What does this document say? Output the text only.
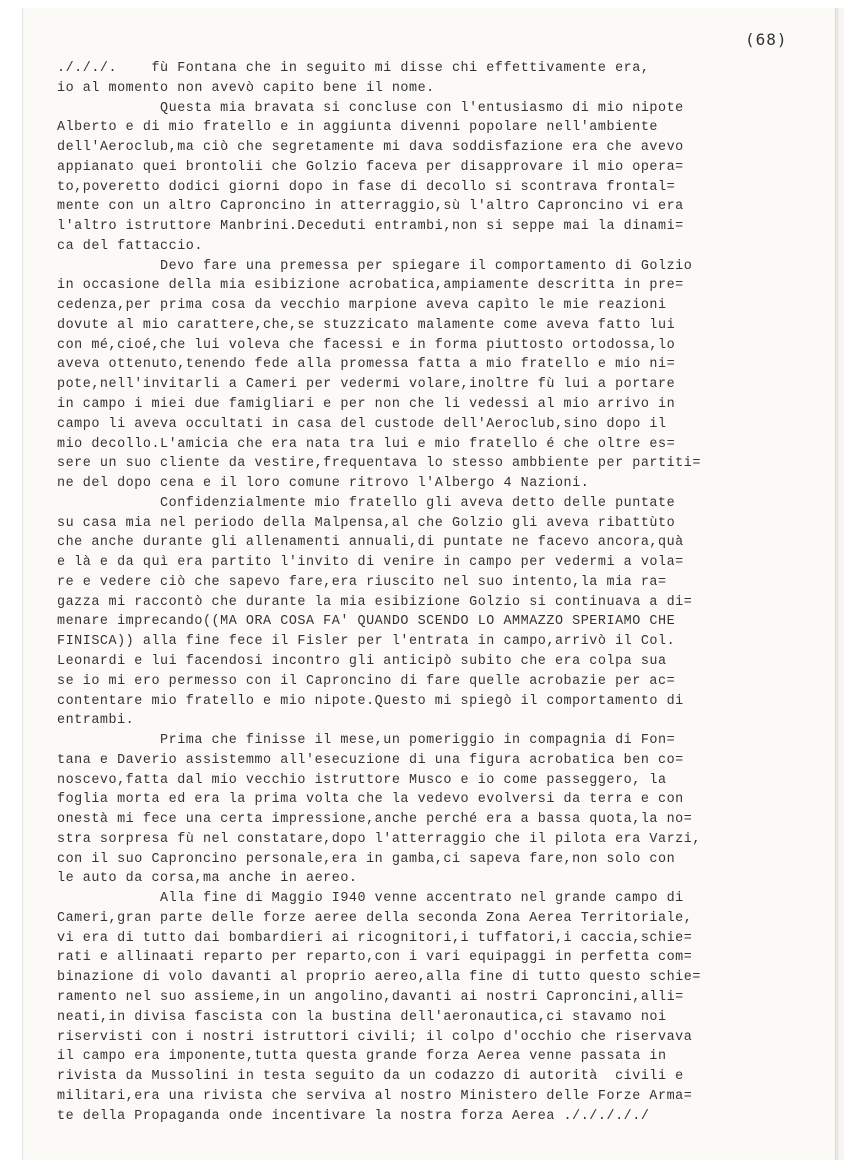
(68)
./././.    fù Fontana che in seguito mi disse chi effettivamente era,
io al momento non avevò capito bene il nome.
Questa mia bravata si concluse con l'entusiasmo di mio nipote
Alberto e di mio fratello e in aggiunta divenni popolare nell'ambiente
dell'Aeroclub,ma ciò che segretamente mi dava soddisfazione era che avevo
appianato quei brontolii che Golzio faceva per disapprovare il mio opera=
to,poveretto dodici giorni dopo in fase di decollo si scontrava frontal=
mente con un altro Caproncino in atterraggio,sù l'altro Caproncino vi era
l'altro istruttore Manbrini.Deceduti entrambi,non si seppe mai la dinami=
ca del fattaccio.
Devo fare una premessa per spiegare il comportamento di Golzio
in occasione della mia esibizione acrobatica,ampiamente descritta in pre=
cedenza,per prima cosa da vecchio marpione aveva capìto le mie reazioni
dovute al mio carattere,che,se stuzzicato malamente come aveva fatto lui
con mé,cioé,che lui voleva che facessi e in forma piuttosto ortodossa,lo
aveva ottenuto,tenendo fede alla promessa fatta a mio fratello e mio ni=
pote,nell'invitarli a Cameri per vedermi volare,inoltre fù lui a portare
in campo i miei due famigliari e per non che li vedessi al mio arrivo in
campo li aveva occultati in casa del custode dell'Aeroclub,sino dopo il
mio decollo.L'amicia che era nata tra lui e mio fratello é che oltre es=
sere un suo cliente da vestire,frequentava lo stesso ambbiente per partiti=
ne del dopo cena e il loro comune ritrovo l'Albergo 4 Nazioni.
Confidenzialmente mio fratello gli aveva detto delle puntate
su casa mia nel periodo della Malpensa,al che Golzio gli aveva ribattùto
che anche durante gli allenamenti annuali,di puntate ne facevo ancora,quà
e là e da quì era partito l'invito di venire in campo per vedermi a vola=
re e vedere ciò che sapevo fare,era riuscito nel suo intento,la mia ra=
gazza mi raccontò che durante la mia esibizione Golzio si continuava a di=
menare imprecando((MA ORA COSA FA' QUANDO SCENDO LO AMMAZZO SPERIAMO CHE
FINISCA)) alla fine fece il Fisler per l'entrata in campo,arrivò il Col.
Leonardi e lui facendosi incontro gli anticipò subito che era colpa sua
se io mi ero permesso con il Caproncino di fare quelle acrobazie per ac=
contentare mio fratello e mio nipote.Questo mi spiegò il comportamento di
entrambi.
Prima che finisse il mese,un pomeriggio in compagnia di Fon=
tana e Daverio assistemmo all'esecuzione di una figura acrobatica ben co=
noscevo,fatta dal mio vecchio istruttore Musco e io come passeggero, la
foglia morta ed era la prima volta che la vedevo evolversi da terra e con
onestà mi fece una certa impressione,anche perché era a bassa quota,la no=
stra sorpresa fù nel constatare,dopo l'atterraggio che il pilota era Varzi,
con il suo Caproncino personale,era in gamba,ci sapeva fare,non solo con
le auto da corsa,ma anche in aereo.
Alla fine di Maggio I940 venne accentrato nel grande campo di
Cameri,gran parte delle forze aeree della seconda Zona Aerea Territoriale,
vi era di tutto dai bombardieri ai ricognitori,i tuffatori,i caccia,schie=
rati e allinaati reparto per reparto,con i vari equipaggi in perfetta com=
binazione di volo davanti al proprio aereo,alla fine di tutto questo schie=
ramento nel suo assieme,in un angolino,davanti ai nostri Caproncini,alli=
neati,in divisa fascista con la bustina dell'aeronautica,ci stavamo noi
riservisti con i nostri istruttori civili; il colpo d'occhio che riservava
il campo era imponente,tutta questa grande forza Aerea venne passata in
rivista da Mussolini in testa seguito da un codazzo di autorità  civili e
militari,era una rivista che serviva al nostro Ministero delle Forze Arma=
te della Propaganda onde incentivare la nostra forza Aerea ./././././
